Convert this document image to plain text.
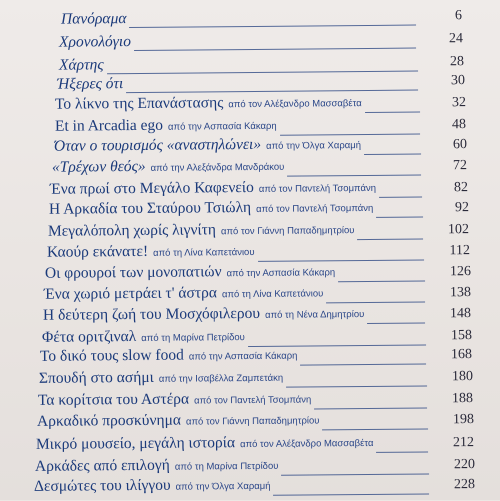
Πανόραμα	6
Χρονολόγιο	24
Χάρτης	28
Ήξερες ότι	30
Το λίκνο της Επανάστασης από τον Αλέξανδρο Μασσαβέτα	32
Et in Arcadia ego από την Ασπασία Κάκαρη	48
Όταν ο τουρισμός «αναστηλώνει» από την Όλγα Χαραμή	60
«Τρέχων θεός» από την Αλεξάνδρα Μανδράκου	72
Ένα πρωί στο Μεγάλο Καφενείο από τον Παντελή Τσομπάνη	82
Η Αρκαδία του Σταύρου Τσιώλη από τον Παντελή Τσομπάνη	92
Μεγαλόπολη χωρίς λιγνίτη από τον Γιάννη Παπαδημητρίου	102
Καούρ εκάνατε! από τη Λίνα Καπετάνιου	112
Οι φρουροί των μονοπατιών από την Ασπασία Κάκαρη	126
Ένα χωριό μετράει τ' άστρα από τη Λίνα Καπετάνιου	138
Η δεύτερη ζωή του Μοσχόφιλερου από τη Νένα Δημητρίου	148
Φέτα οριτζιναλ από τη Μαρίνα Πετρίδου	158
Το δικό τους slow food από την Ασπασία Κάκαρη	168
Σπουδή στο ασήμι από την Ισαβέλλα Ζαμπετάκη	180
Τα κορίτσια του Αστέρα από τον Παντελή Τσομπάνη	188
Αρκαδικό προσκύνημα από τον Γιάννη Παπαδημητρίου	198
Μικρό μουσείο, μεγάλη ιστορία από τον Αλέξανδρο Μασσαβέτα	212
Αρκάδες από επιλογή από τη Μαρίνα Πετρίδου	220
Δεσμώτες του ιλίγγου από την Όλγα Χαραμή	228
